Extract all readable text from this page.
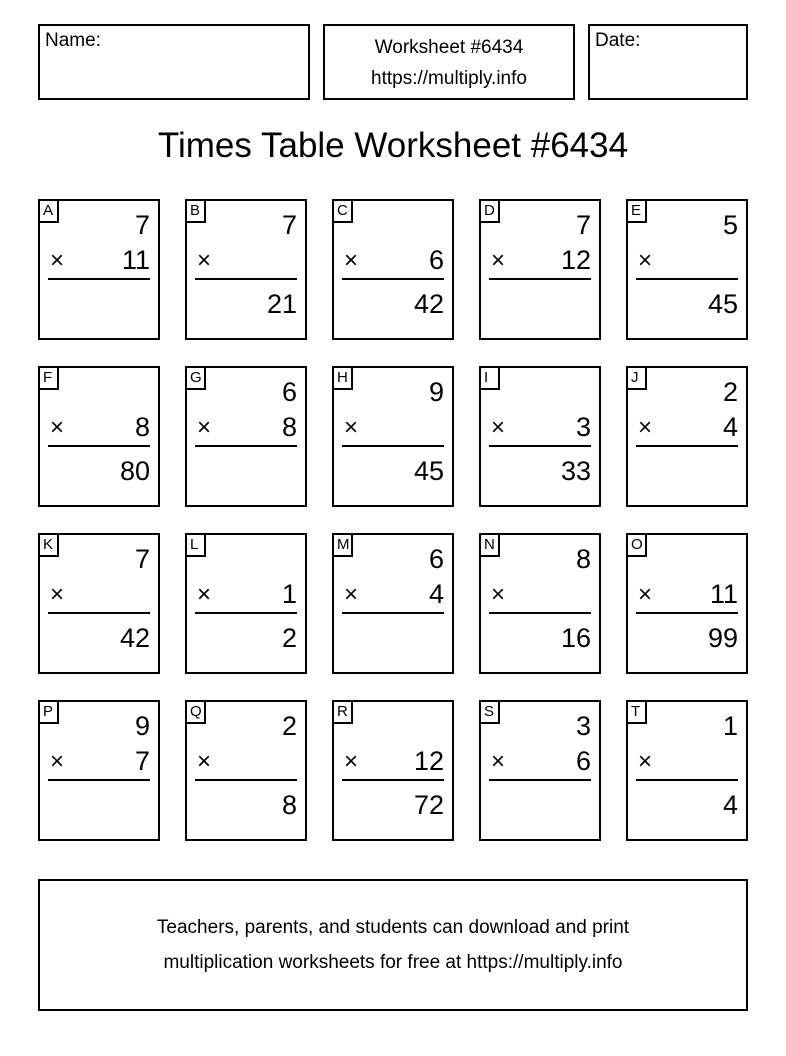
Name:	Worksheet #6434
https://multiply.info
Date:
Times Table Worksheet #6434
A	7
× 11
B	7
×
21
C
×	6
42
D	7
× 12
E	5
×
45
F
×	8
80
G	6
×	8
H	9
×
45
I
×	3
33
J	2
×	4
K	7
×
42
L
×	1
2
M	6
×	4
N	8
×
16
O
× 11
99
P	9
×	7
Q	2
×
8
R
× 12
72
S	3
×	6
T	1
×
4
Teachers, parents, and students can download and print
multiplication worksheets for free at https://multiply.info
